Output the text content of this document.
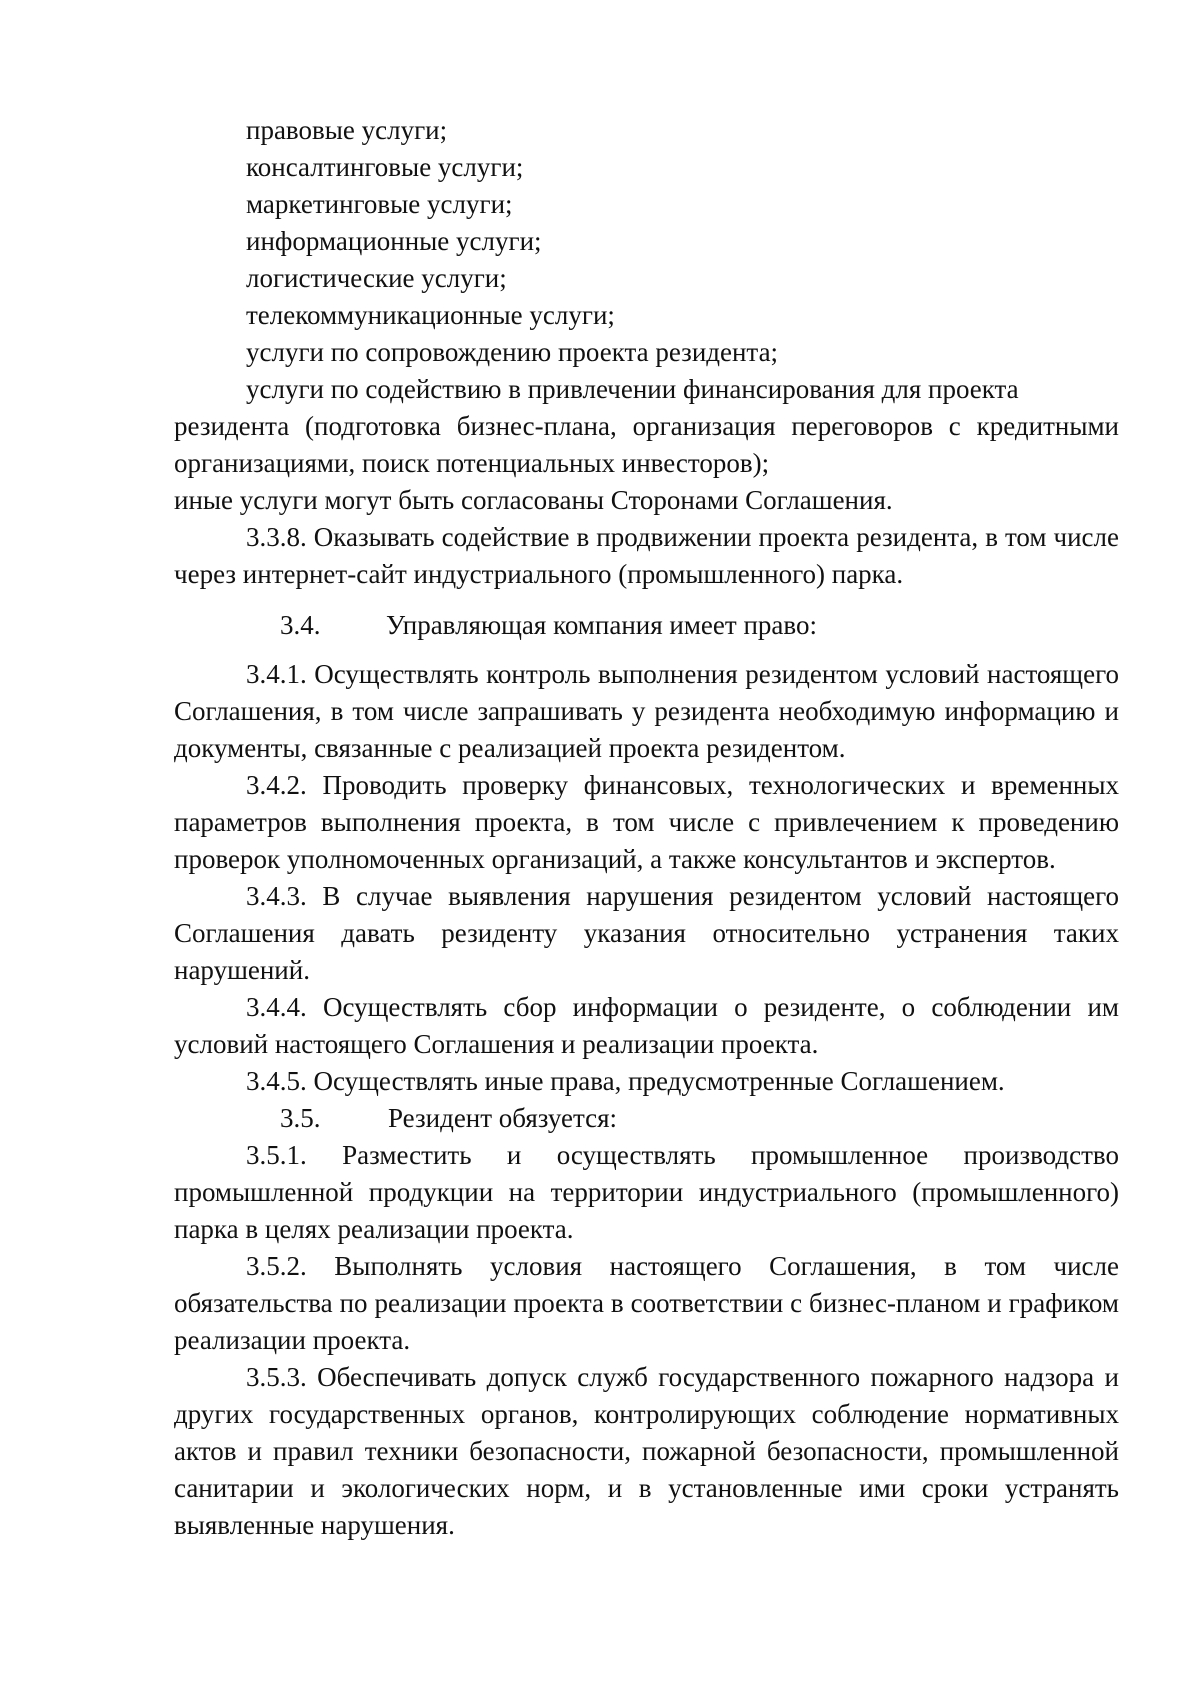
правовые услуги;

консалтинговые услуги;

маркетинговые услуги;

информационные услуги;

логистические услуги;

телекоммуникационные услуги;

услуги по сопровождению проекта резидента;

услуги по содействию в привлечении финансирования для проекта

резидента (подготовка бизнес-плана, организация переговоров с кредитными организациями, поиск потенциальных инвесторов);

иные услуги могут быть согласованы Сторонами Соглашения.

3.3.8. Оказывать содействие в продвижении проекта резидента, в том числе через интернет-сайт индустриального (промышленного) парка.

3.4.	Управляющая компания имеет право:

3.4.1. Осуществлять контроль выполнения резидентом условий настоящего Соглашения, в том числе запрашивать у резидента необходимую информацию и документы, связанные с реализацией проекта резидентом.

3.4.2. Проводить проверку финансовых, технологических и временных параметров выполнения проекта, в том числе с привлечением к проведению проверок уполномоченных организаций, а также консультантов и экспертов.

3.4.3. В случае выявления нарушения резидентом условий настоящего Соглашения давать резиденту указания относительно устранения таких нарушений.

3.4.4. Осуществлять сбор информации о резиденте, о соблюдении им условий настоящего Соглашения и реализации проекта.

3.4.5. Осуществлять иные права, предусмотренные Соглашением.

3.5.	Резидент обязуется:

3.5.1. Разместить и осуществлять промышленное производство промышленной продукции на территории индустриального (промышленного) парка в целях реализации проекта.

3.5.2. Выполнять условия настоящего Соглашения, в том числе обязательства по реализации проекта в соответствии с бизнес-планом и графиком реализации проекта.

3.5.3. Обеспечивать допуск служб государственного пожарного надзора и других государственных органов, контролирующих соблюдение нормативных актов и правил техники безопасности, пожарной безопасности, промышленной санитарии и экологических норм, и в установленные ими сроки устранять выявленные нарушения.
